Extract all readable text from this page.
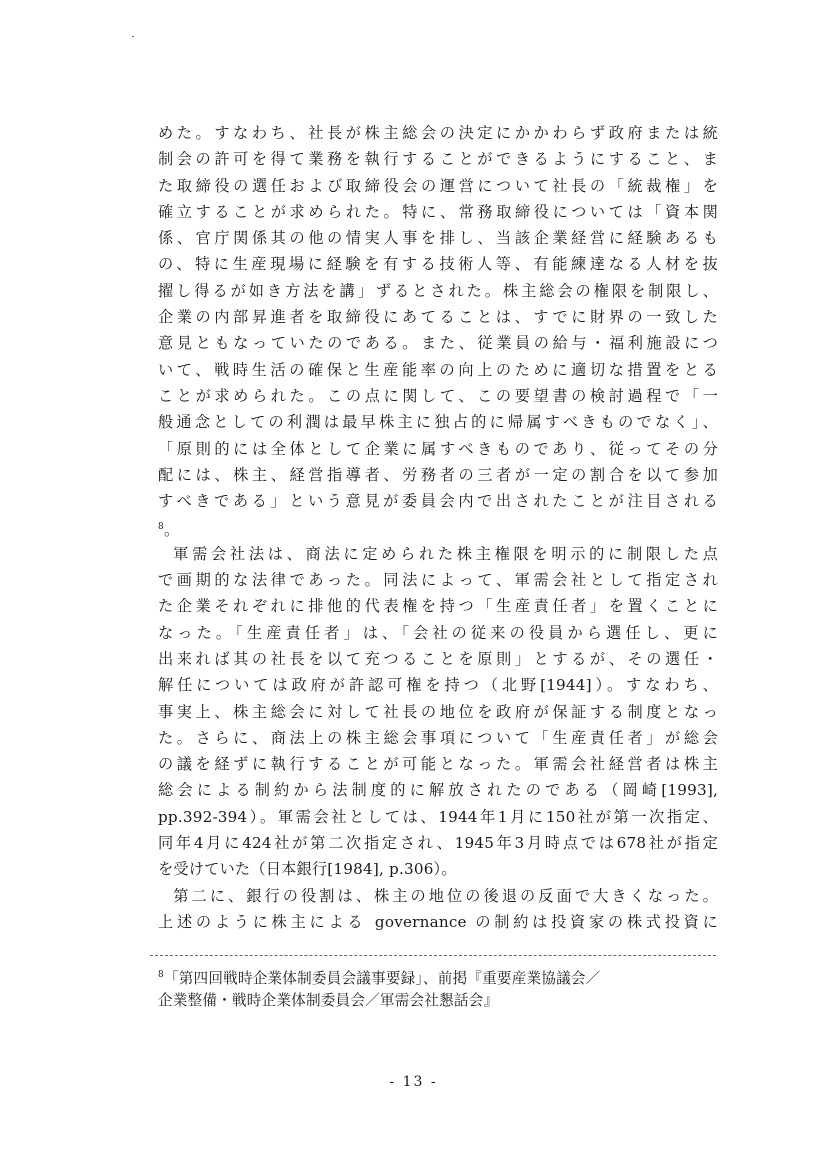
めた。すなわち、社長が株主総会の決定にかかわらず政府または統
制会の許可を得て業務を執行することができるようにすること、ま
た取締役の選任および取締役会の運営について社長の「統裁権」を
確立することが求められた。特に、常務取締役については「資本関
係、官庁関係其の他の情実人事を排し、当該企業経営に経験あるも
の、特に生産現場に経験を有する技術人等、有能練達なる人材を抜
擢し得るが如き方法を講」ずるとされた。株主総会の権限を制限し、
企業の内部昇進者を取締役にあてることは、すでに財界の一致した
意見ともなっていたのである。また、従業員の給与・福利施設につ
いて、戦時生活の確保と生産能率の向上のために適切な措置をとる
ことが求められた。この点に関して、この要望書の検討過程で「一
般通念としての利潤は最早株主に独占的に帰属すべきものでなく」、
「原則的には全体として企業に属すべきものであり、従ってその分
配には、株主、経営指導者、労務者の三者が一定の割合を以て参加
すべきである」という意見が委員会内で出されたことが注目される
$^8$。
軍需会社法は、商法に定められた株主権限を明示的に制限した点
で画期的な法律であった。同法によって、軍需会社として指定され
た企業それぞれに排他的代表権を持つ「生産責任者」を置くことに
なった。「生産責任者」は、「会社の従来の役員から選任し、更に
出来れば其の社長を以て充つることを原則」とするが、その選任・
解任については政府が許認可権を持つ（北野[1944]）。すなわち、
事実上、株主総会に対して社長の地位を政府が保証する制度となっ
た。さらに、商法上の株主総会事項について「生産責任者」が総会
の議を経ずに執行することが可能となった。軍需会社経営者は株主
総会による制約から法制度的に解放されたのである（岡崎[1993],
pp.392-394）。軍需会社としては、1944年1月に150社が第一次指定、
同年4月に424社が第二次指定され、1945年3月時点では678社が指定
を受けていた（日本銀行[1984], p.306）。
第二に、銀行の役割は、株主の地位の後退の反面で大きくなった。
上述のように株主による governance の制約は投資家の株式投資に
$^8$「第四回戦時企業体制委員会議事要録」、前掲『重要産業協議会／
企業整備・戦時企業体制委員会／軍需会社懇話会』
- 13 -
